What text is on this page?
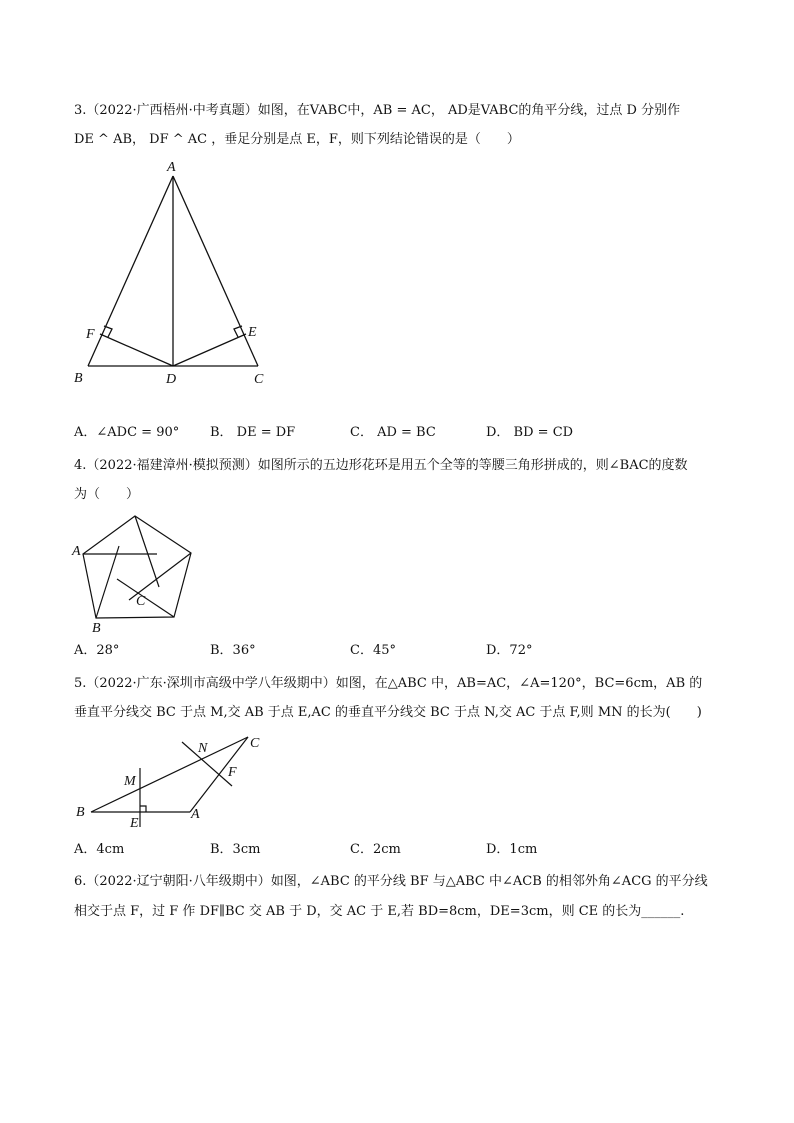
3.（2022·广西梧州·中考真题）如图，在VABC中，AB = AC， AD是VABC的角平分线，过点 D 分别作
DE ^ AB， DF ^ AC ，垂足分别是点 E，F，则下列结论错误的是（　　）
A
F	E
B	D	C
A．∠ADC = 90° B． DE = DF	C． AD = BC	D． BD = CD
4.（2022·福建漳州·模拟预测）如图所示的五边形花环是用五个全等的等腰三角形拼成的，则∠BAC的度数
为（　　）
A
B
C
A．28°	B．36°	C．45°	D．72°
5.（2022·广东·深圳市高级中学八年级期中）如图，在△ABC 中，AB=AC，∠A=120°，BC=6cm，AB 的
垂直平分线交 BC 于点 M,交 AB 于点 E,AC 的垂直平分线交 BC 于点 N,交 AC 于点 F,则 MN 的长为(　　)
N	C
M
F
B	A
E
A．4cm	B．3cm	C．2cm	D．1cm
6.（2022·辽宁朝阳·八年级期中）如图，∠ABC 的平分线 BF 与△ABC 中∠ACB 的相邻外角∠ACG 的平分线
相交于点 F，过 F 作 DF∥BC 交 AB 于 D，交 AC 于 E,若 BD=8cm，DE=3cm，则 CE 的长为______.
